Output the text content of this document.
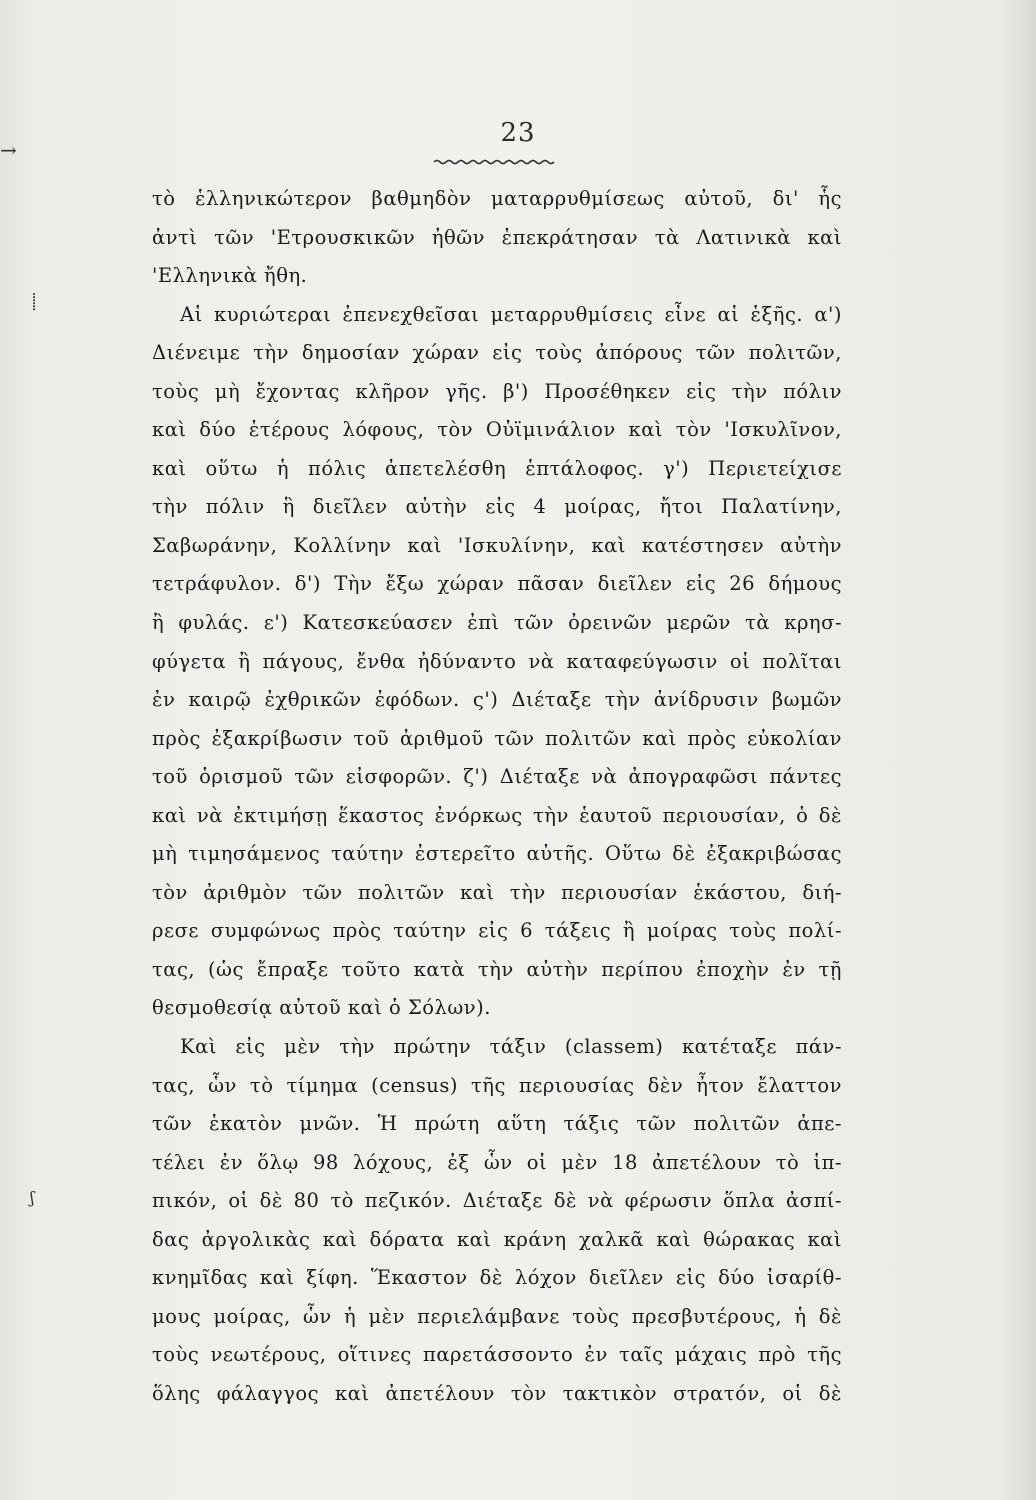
→
⸽
ʃ
23
τὸ ἑλληνικώτερον βαθμηδὸν ματαρρυθμίσεως αὐτοῦ, δι' ἧς
ἀντὶ τῶν 'Ετρουσκικῶν ἠθῶν ἐπεκράτησαν τὰ Λατινικὰ καὶ
'Ελληνικὰ ἤθη.
Αἱ κυριώτεραι ἐπενεχθεῖσαι μεταρρυθμίσεις εἶνε αἱ ἑξῆς. α')
Διένειμε τὴν δημοσίαν χώραν εἰς τοὺς ἀπόρους τῶν πολιτῶν,
τοὺς μὴ ἔχοντας κλῆρον γῆς. β') Προσέθηκεν εἰς τὴν πόλιν
καὶ δύο ἑτέρους λόφους, τὸν Οὐϊμινάλιον καὶ τὸν 'Ισκυλῖνον,
καὶ οὕτω ἡ πόλις ἀπετελέσθη ἑπτάλοφος. γ') Περιετείχισε
τὴν πόλιν ἣ διεῖλεν αὐτὴν εἰς 4 μοίρας, ἤτοι Παλατίνην,
Σαβωράνην, Κολλίνην καὶ 'Ισκυλίνην, καὶ κατέστησεν αὐτὴν
τετράφυλον. δ') Τὴν ἔξω χώραν πᾶσαν διεῖλεν εἰς 26 δήμους
ἢ φυλάς. ε') Κατεσκεύασεν ἐπὶ τῶν ὀρεινῶν μερῶν τὰ κρησ-
φύγετα ἢ πάγους, ἔνθα ἠδύναντο νὰ καταφεύγωσιν οἱ πολῖται
ἐν καιρῷ ἐχθρικῶν ἐφόδων. ς') Διέταξε τὴν ἀνίδρυσιν βωμῶν
πρὸς ἐξακρίβωσιν τοῦ ἀριθμοῦ τῶν πολιτῶν καὶ πρὸς εὐκολίαν
τοῦ ὁρισμοῦ τῶν εἰσφορῶν. ζ') Διέταξε νὰ ἀπογραφῶσι πάντες
καὶ νὰ ἐκτιμήσῃ ἕκαστος ἐνόρκως τὴν ἑαυτοῦ περιουσίαν, ὁ δὲ
μὴ τιμησάμενος ταύτην ἐστερεῖτο αὐτῆς. Οὕτω δὲ ἐξακριβώσας
τὸν ἀριθμὸν τῶν πολιτῶν καὶ τὴν περιουσίαν ἑκάστου, διή-
ρεσε συμφώνως πρὸς ταύτην εἰς 6 τάξεις ἢ μοίρας τοὺς πολί-
τας, (ὡς ἔπραξε τοῦτο κατὰ τὴν αὐτὴν περίπου ἐποχὴν ἐν τῇ
θεσμοθεσίᾳ αὐτοῦ καὶ ὁ Σόλων).
Καὶ εἰς μὲν τὴν πρώτην τάξιν (classem) κατέταξε πάν-
τας, ὧν τὸ τίμημα (census) τῆς περιουσίας δὲν ἦτον ἔλαττον
τῶν ἑκατὸν μνῶν. Ἡ πρώτη αὕτη τάξις τῶν πολιτῶν ἀπε-
τέλει ἐν ὅλῳ 98 λόχους, ἐξ ὧν οἱ μὲν 18 ἀπετέλουν τὸ ἱπ-
πικόν, οἱ δὲ 80 τὸ πεζικόν. Διέταξε δὲ νὰ φέρωσιν ὅπλα ἀσπί-
δας ἀργολικὰς καὶ δόρατα καὶ κράνη χαλκᾶ καὶ θώρακας καὶ
κνημῖδας καὶ ξίφη. Ἕκαστον δὲ λόχον διεῖλεν εἰς δύο ἰσαρίθ-
μους μοίρας, ὧν ἡ μὲν περιελάμβανε τοὺς πρεσβυτέρους, ἡ δὲ
τοὺς νεωτέρους, οἵτινες παρετάσσοντο ἐν ταῖς μάχαις πρὸ τῆς
ὅλης φάλαγγος καὶ ἀπετέλουν τὸν τακτικὸν στρατόν, οἱ δὲ
